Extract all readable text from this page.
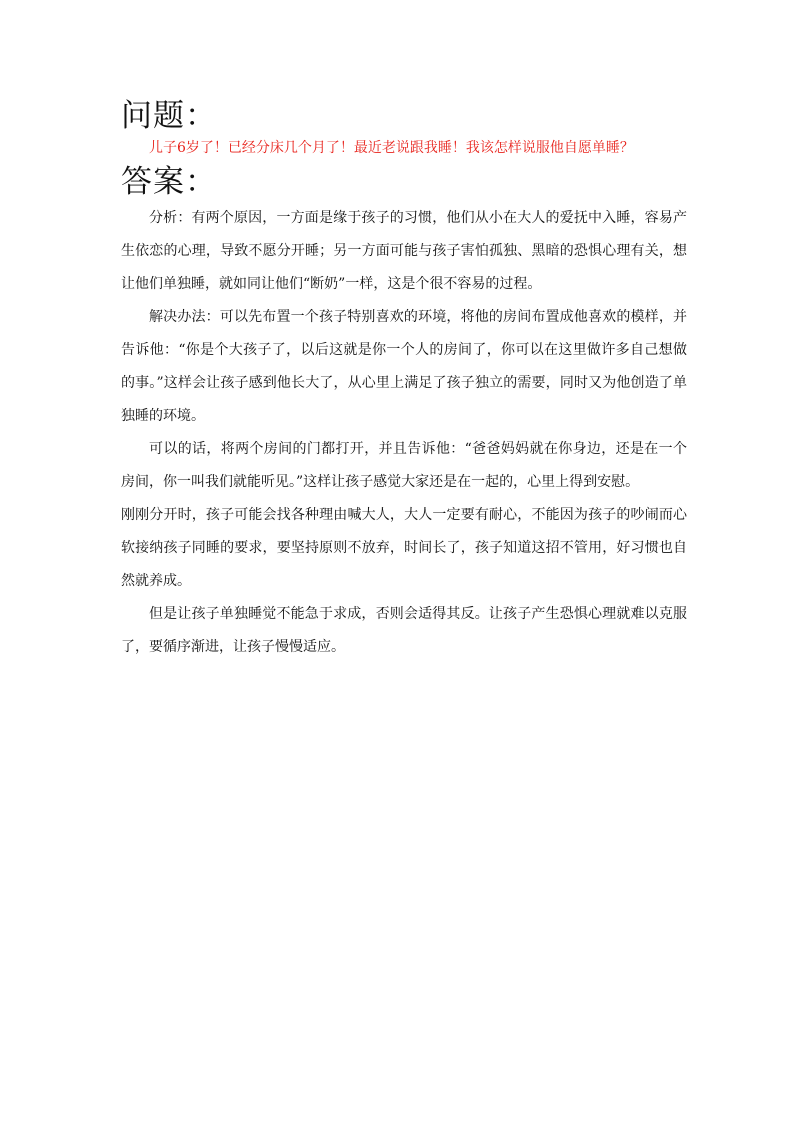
问题：

儿子6岁了！已经分床几个月了！最近老说跟我睡！我该怎样说服他自愿单睡？

答案：

分析：有两个原因，一方面是缘于孩子的习惯，他们从小在大人的爱抚中入睡，容易产生依恋的心理，导致不愿分开睡；另一方面可能与孩子害怕孤独、黑暗的恐惧心理有关，想让他们单独睡，就如同让他们“断奶”一样，这是个很不容易的过程。

解决办法：可以先布置一个孩子特别喜欢的环境，将他的房间布置成他喜欢的模样，并告诉他：“你是个大孩子了，以后这就是你一个人的房间了，你可以在这里做许多自己想做的事。”这样会让孩子感到他长大了，从心里上满足了孩子独立的需要，同时又为他创造了单独睡的环境。

可以的话，将两个房间的门都打开，并且告诉他：“爸爸妈妈就在你身边，还是在一个房间，你一叫我们就能听见。”这样让孩子感觉大家还是在一起的，心里上得到安慰。

刚刚分开时，孩子可能会找各种理由喊大人，大人一定要有耐心，不能因为孩子的吵闹而心软接纳孩子同睡的要求，要坚持原则不放弃，时间长了，孩子知道这招不管用，好习惯也自然就养成。

但是让孩子单独睡觉不能急于求成，否则会适得其反。让孩子产生恐惧心理就难以克服了，要循序渐进，让孩子慢慢适应。
